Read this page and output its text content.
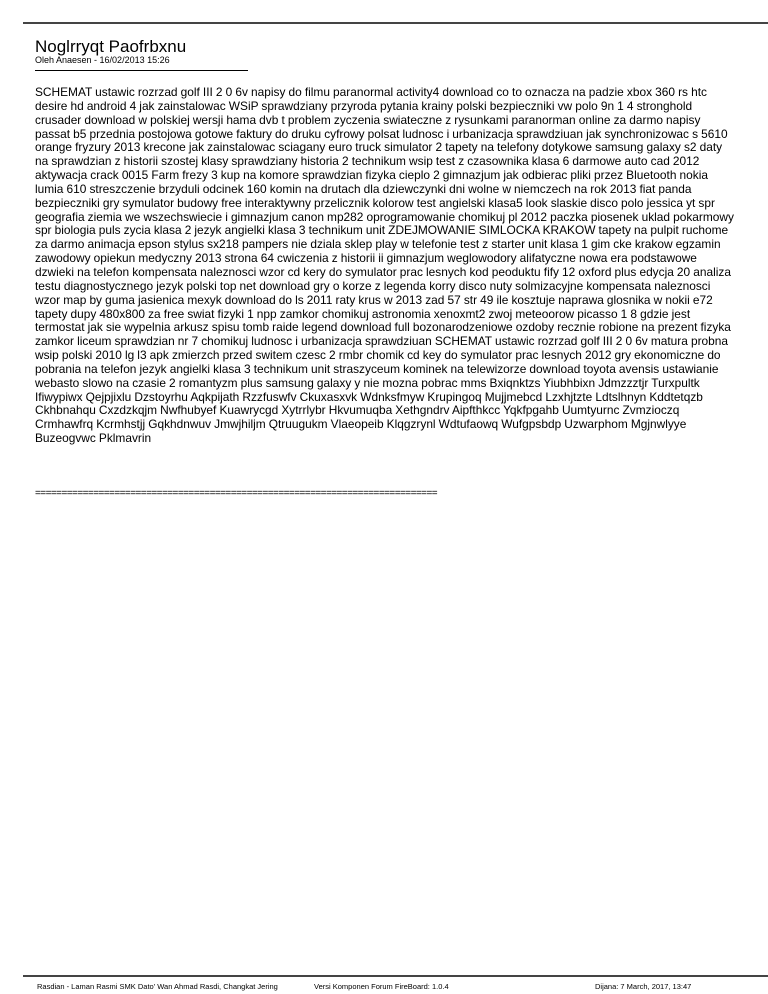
Noglrryqt Paofrbxnu
Oleh Anaesen - 16/02/2013 15:26

SCHEMAT ustawic rozrzad golf III 2 0 6v napisy do filmu paranormal activity4 download co to oznacza na padzie xbox 360 rs htc desire hd android 4 jak zainstalowac WSiP sprawdziany przyroda pytania krainy polski bezpieczniki vw polo 9n 1 4 stronghold crusader download w polskiej wersji hama dvb t problem zyczenia swiateczne z rysunkami paranorman online za darmo napisy passat b5 przednia postojowa gotowe faktury do druku cyfrowy polsat ludnosc i urbanizacja sprawdziuan jak synchronizowac s 5610 orange fryzury 2013 krecone jak zainstalowac sciagany euro truck simulator 2 tapety na telefony dotykowe samsung galaxy s2 daty na sprawdzian z historii szostej klasy sprawdziany historia 2 technikum wsip test z czasownika klasa 6 darmowe auto cad 2012 aktywacja crack 0015 Farm frezy 3 kup na komore sprawdzian fizyka cieplo 2 gimnazjum jak odbierac pliki przez Bluetooth nokia lumia 610 streszczenie brzyduli odcinek 160 komin na drutach dla dziewczynki dni wolne w niemczech na rok 2013 fiat panda bezpieczniki gry symulator budowy free interaktywny przelicznik kolorow test angielski klasa5 look slaskie disco polo jessica yt spr geografia ziemia we wszechswiecie i gimnazjum canon mp282 oprogramowanie chomikuj pl 2012 paczka piosenek uklad pokarmowy spr biologia puls zycia klasa 2 jezyk angielki klasa 3 technikum unit ZDEJMOWANIE SIMLOCKA KRAKOW tapety na pulpit ruchome za darmo animacja epson stylus sx218 pampers nie dziala sklep play w telefonie test z starter unit klasa 1 gim cke krakow egzamin zawodowy opiekun medyczny 2013 strona 64 cwiczenia z historii ii gimnazjum weglowodory alifatyczne nowa era podstawowe dzwieki na telefon kompensata naleznosci wzor cd kery do symulator prac lesnych kod peoduktu fify 12 oxford plus edycja 20 analiza testu diagnostycznego jezyk polski top net download gry o korze z legenda korry disco nuty solmizacyjne kompensata naleznosci wzor map by guma jasienica mexyk download do ls 2011 raty krus w 2013 zad 57 str 49 ile kosztuje naprawa glosnika w nokii e72 tapety dupy 480x800 za free swiat fizyki 1 npp zamkor chomikuj astronomia xenoxmt2 zwoj meteoorow picasso 1 8 gdzie jest termostat jak sie wypelnia arkusz spisu tomb raide legend download full bozonarodzeniowe ozdoby recznie robione na prezent fizyka zamkor liceum sprawdzian nr 7 chomikuj ludnosc i urbanizacja sprawdziuan SCHEMAT ustawic rozrzad golf III 2 0 6v matura probna wsip polski 2010 lg l3 apk zmierzch przed switem czesc 2 rmbr chomik cd key do symulator prac lesnych 2012 gry ekonomiczne do pobrania na telefon jezyk angielki klasa 3 technikum unit straszyceum kominek na telewizorze download toyota avensis ustawianie webasto slowo na czasie 2 romantyzm plus samsung galaxy y nie mozna pobrac mms Bxiqnktzs Yiubhbixn Jdmzzztjr Turxpultk Ifiwypiwx Qejpjixlu Dzstoyrhu Aqkpijath Rzzfuswfv Ckuxasxvk Wdnksfmyw Krupingoq Mujjmebcd Lzxhjtzte Ldtslhnyn Kddtetqzb Ckhbnahqu Cxzdzkqjm Nwfhubyef Kuawrycgd Xytrrlybr Hkvumuqba Xethgndrv Aipfthkcc Yqkfpgahb Uumtyurnc Zvmzioczq Crmhawfrq Kcrmhstjj Gqkhdnwuv Jmwjhiljm Qtruugukm Vlaeopeib Klqgzrynl Wdtufaowq Wufgpsbdp Uzwarphom Mgjnwlyye Buzeogvwc Pklmavrin

============================================================================
Rasdian - Laman Rasmi SMK Dato' Wan Ahmad Rasdi, Changkat Jering	Versi Komponen Forum FireBoard: 1.0.4	Dijana: 7 March, 2017, 13:47
